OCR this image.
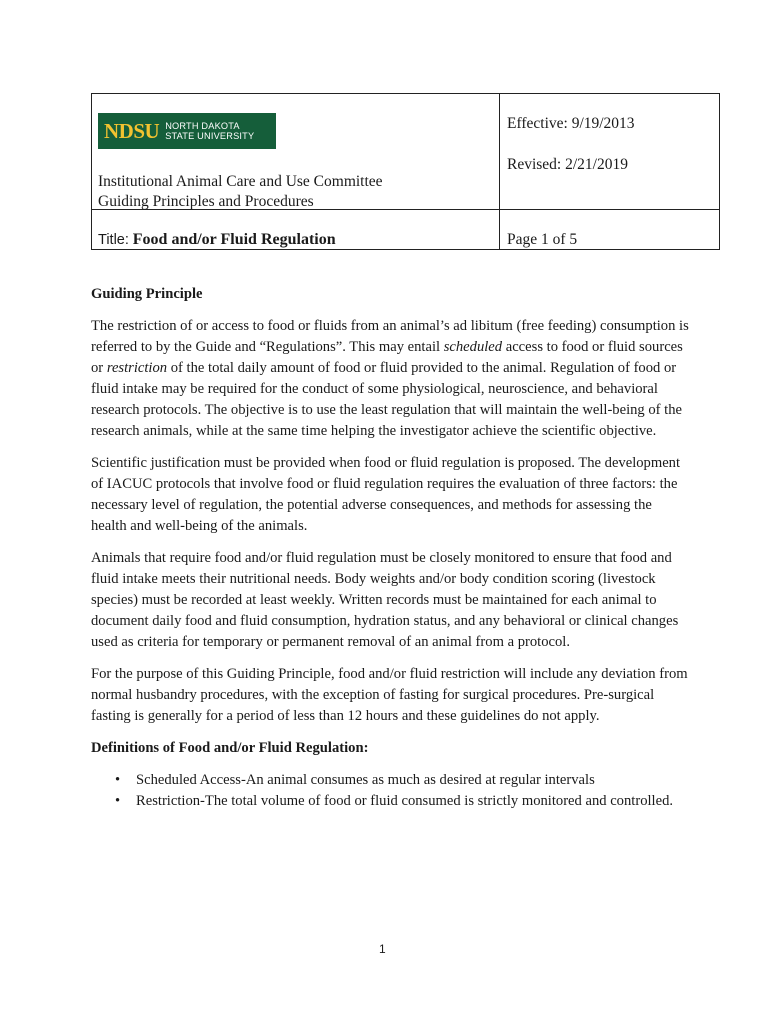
NDSU NORTH DAKOTA
STATE UNIVERSITY
Institutional Animal Care and Use Committee
Guiding Principles and Procedures
Effective: 9/19/2013
Revised: 2/21/2019
Title: Food and/or Fluid Regulation	Page 1 of 5
Guiding Principle

The restriction of or access to food or fluids from an animal’s ad libitum (free feeding) consumption is referred to by the Guide and “Regulations”. This may entail scheduled access to food or fluid sources or restriction of the total daily amount of food or fluid provided to the animal. Regulation of food or fluid intake may be required for the conduct of some physiological, neuroscience, and behavioral research protocols. The objective is to use the least regulation that will maintain the well-being of the research animals, while at the same time helping the investigator achieve the scientific objective.

Scientific justification must be provided when food or fluid regulation is proposed. The development of IACUC protocols that involve food or fluid regulation requires the evaluation of three factors: the necessary level of regulation, the potential adverse consequences, and methods for assessing the health and well-being of the animals.

Animals that require food and/or fluid regulation must be closely monitored to ensure that food and fluid intake meets their nutritional needs. Body weights and/or body condition scoring (livestock species) must be recorded at least weekly. Written records must be maintained for each animal to document daily food and fluid consumption, hydration status, and any behavioral or clinical changes used as criteria for temporary or permanent removal of an animal from a protocol.

For the purpose of this Guiding Principle, food and/or fluid restriction will include any deviation from normal husbandry procedures, with the exception of fasting for surgical procedures. Pre-surgical fasting is generally for a period of less than 12 hours and these guidelines do not apply.

Definitions of Food and/or Fluid Regulation:
• Scheduled Access-An animal consumes as much as desired at regular intervals
• Restriction-The total volume of food or fluid consumed is strictly monitored and controlled.
1
